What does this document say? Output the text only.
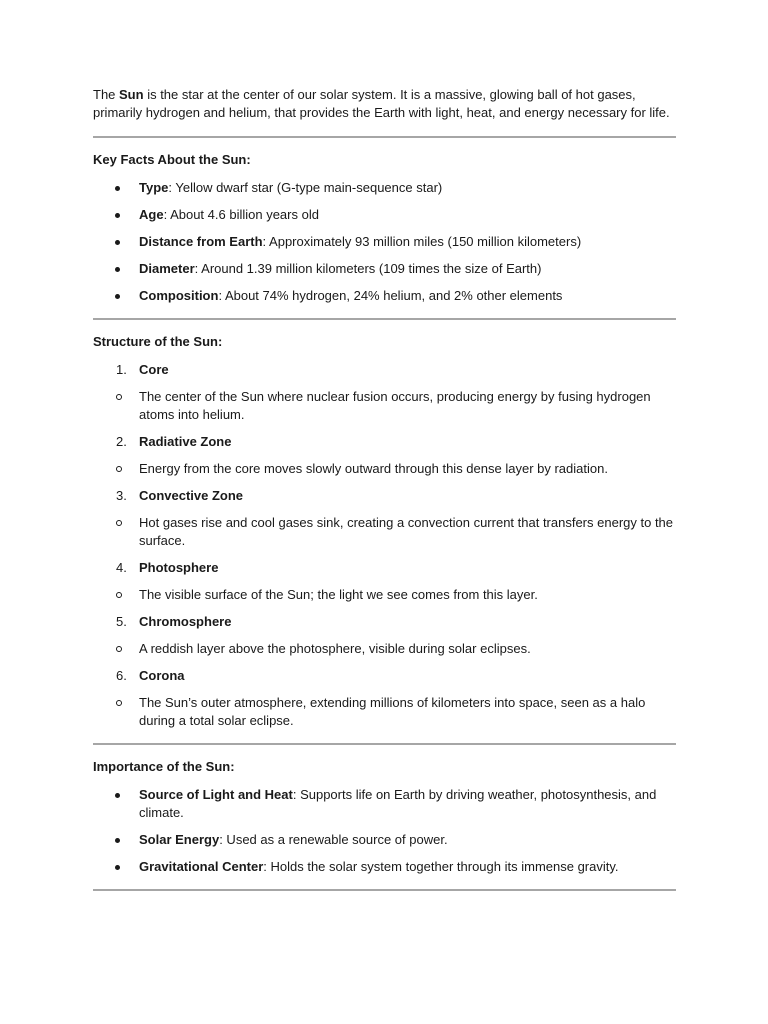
The Sun is the star at the center of our solar system. It is a massive, glowing ball of hot gases, primarily hydrogen and helium, that provides the Earth with light, heat, and energy necessary for life.

Key Facts About the Sun:

Type: Yellow dwarf star (G-type main-sequence star)
Age: About 4.6 billion years old
Distance from Earth: Approximately 93 million miles (150 million kilometers)
Diameter: Around 1.39 million kilometers (109 times the size of Earth)
Composition: About 74% hydrogen, 24% helium, and 2% other elements

Structure of the Sun:

1. Core
The center of the Sun where nuclear fusion occurs, producing energy by fusing hydrogen atoms into helium.
2. Radiative Zone
Energy from the core moves slowly outward through this dense layer by radiation.
3. Convective Zone
Hot gases rise and cool gases sink, creating a convection current that transfers energy to the surface.
4. Photosphere
The visible surface of the Sun; the light we see comes from this layer.
5. Chromosphere
A reddish layer above the photosphere, visible during solar eclipses.
6. Corona
The Sun’s outer atmosphere, extending millions of kilometers into space, seen as a halo during a total solar eclipse.

Importance of the Sun:

Source of Light and Heat: Supports life on Earth by driving weather, photosynthesis, and climate.
Solar Energy: Used as a renewable source of power.
Gravitational Center: Holds the solar system together through its immense gravity.
